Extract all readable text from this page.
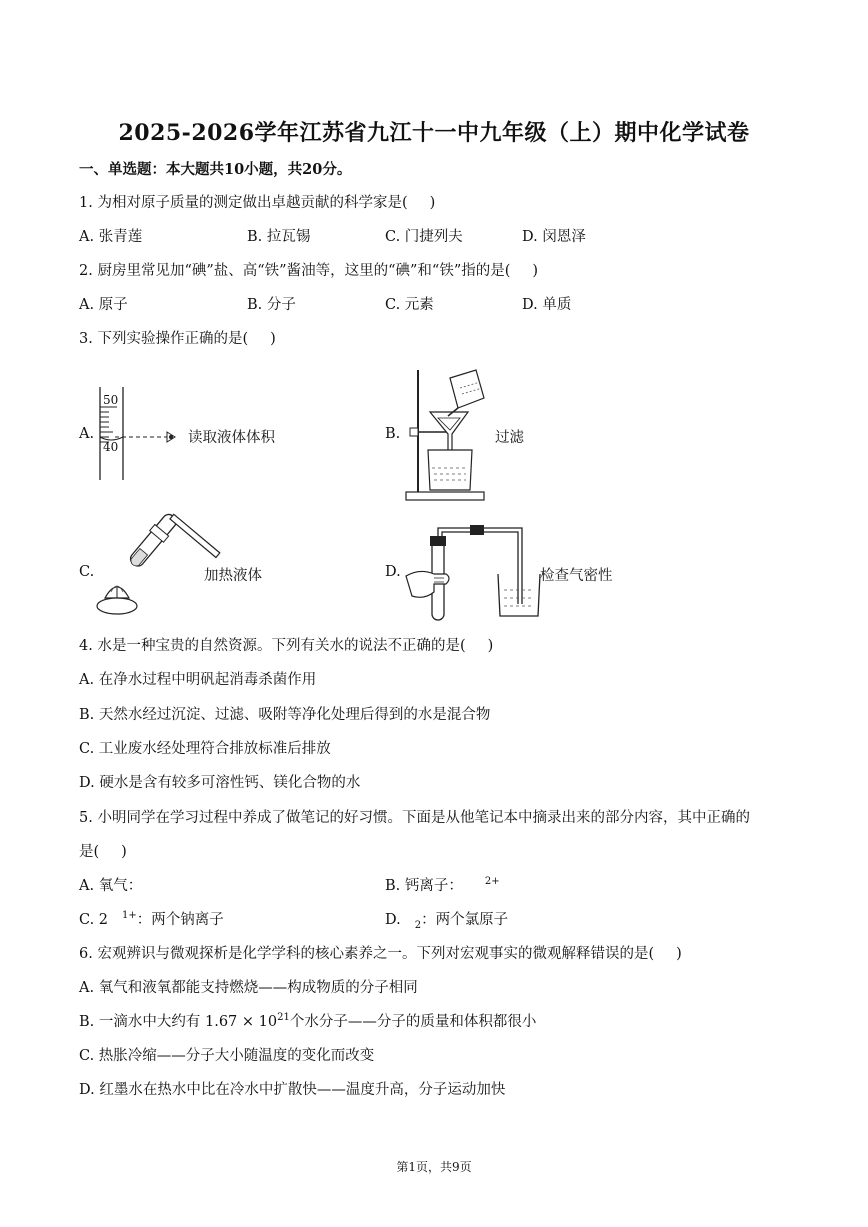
2025-2026学年江苏省九江十一中九年级（上）期中化学试卷
一、单选题：本大题共10小题，共20分。
1. 为相对原子质量的测定做出卓越贡献的科学家是( )
A. 张青莲	B. 拉瓦锡	C. 门捷列夫	D. 闵恩泽
2. 厨房里常见加“碘”盐、高“铁”酱油等，这里的“碘”和“铁”指的是( )
A. 原子	B. 分子	C. 元素	D. 单质
3. 下列实验操作正确的是( )
A.
50
40
读取液体体积	B.	过滤
C.	加热液体	D.	检查气密性
4. 水是一种宝贵的自然资源。下列有关水的说法不正确的是( )
A. 在净水过程中明矾起消毒杀菌作用
B. 天然水经过沉淀、过滤、吸附等净化处理后得到的水是混合物
C. 工业废水经处理符合排放标准后排放
D. 硬水是含有较多可溶性钙、镁化合物的水
5. 小明同学在学习过程中养成了做笔记的好习惯。下面是从他笔记本中摘录出来的部分内容，其中正确的
是( )
A. 氧气：	B. 钙离子： $^{2+}$
C. 2 $^{1+}$：两个钠离子	D. $_2$：两个氯原子
6. 宏观辨识与微观探析是化学学科的核心素养之一。下列对宏观事实的微观解释错误的是( )
A. 氧气和液氧都能支持燃烧——构成物质的分子相同
B. 一滴水中大约有 $1.67 \times 10^{21}$个水分子——分子的质量和体积都很小
C. 热胀冷缩——分子大小随温度的变化而改变
D. 红墨水在热水中比在冷水中扩散快——温度升高，分子运动加快
第1页，共9页
